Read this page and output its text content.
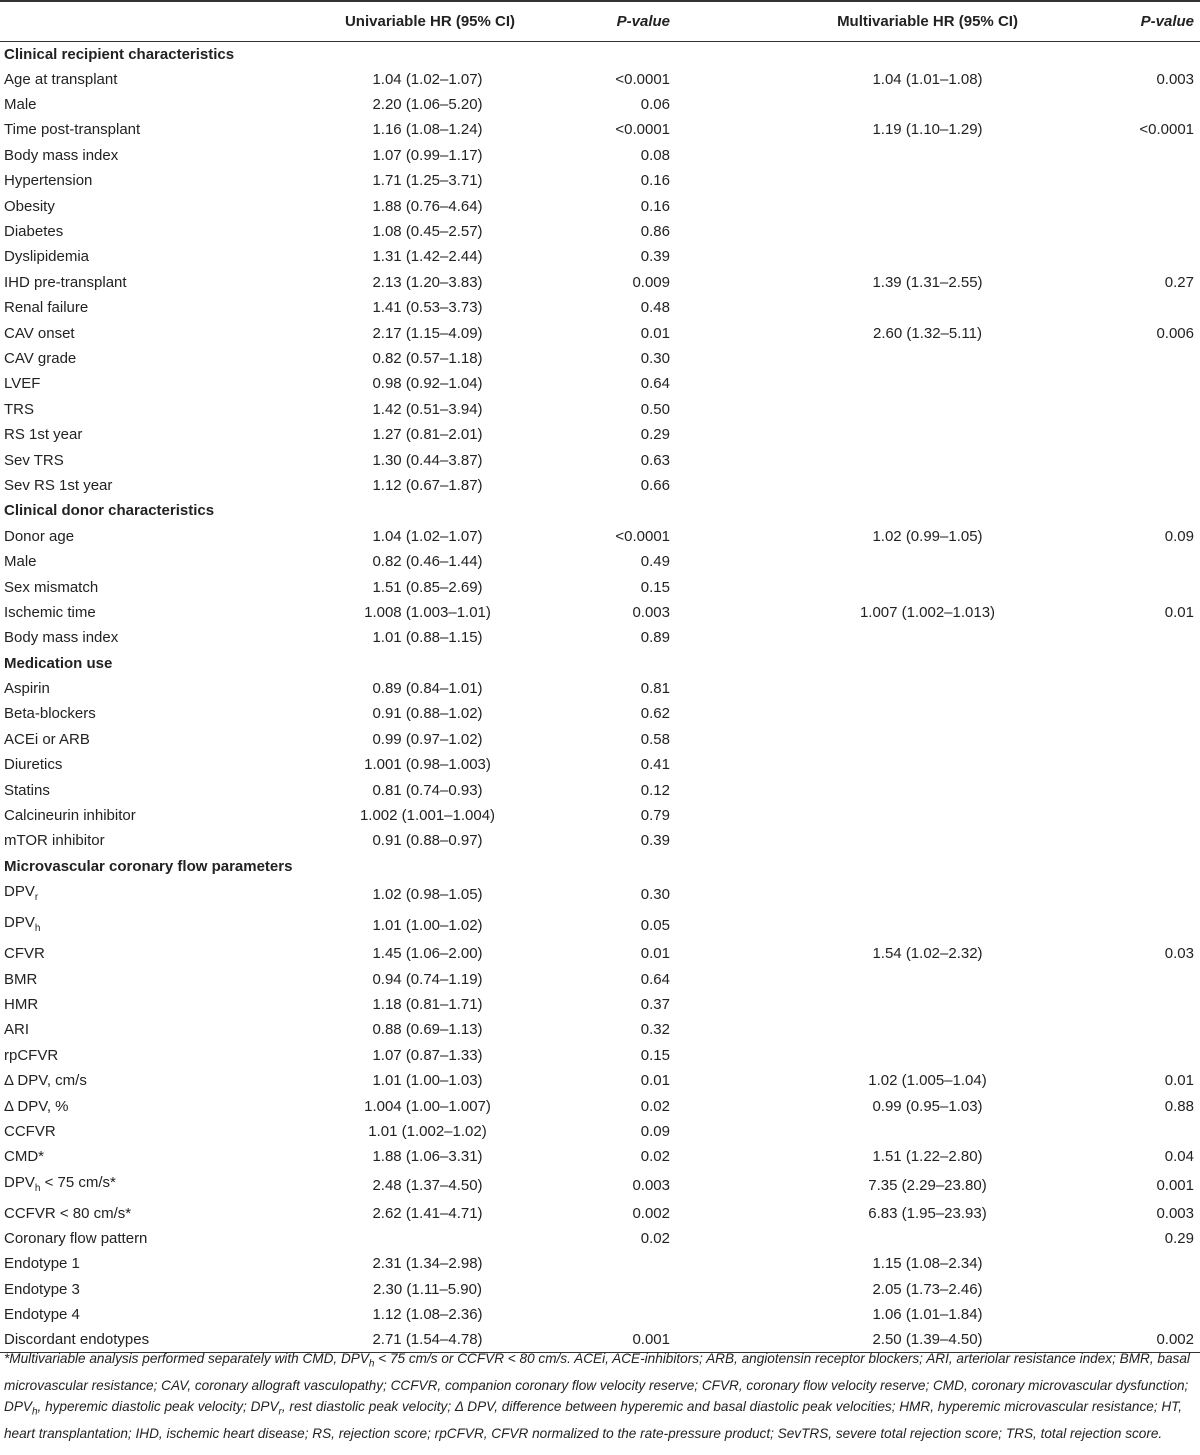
	Univariable HR (95% CI)	P-value	Multivariable HR (95% CI)	P-value
Clinical recipient characteristics				
Age at transplant	1.04 (1.02–1.07)	<0.0001	1.04 (1.01–1.08)	0.003
Male	2.20 (1.06–5.20)	0.06		
Time post-transplant	1.16 (1.08–1.24)	<0.0001	1.19 (1.10–1.29)	<0.0001
Body mass index	1.07 (0.99–1.17)	0.08		
Hypertension	1.71 (1.25–3.71)	0.16		
Obesity	1.88 (0.76–4.64)	0.16		
Diabetes	1.08 (0.45–2.57)	0.86		
Dyslipidemia	1.31 (1.42–2.44)	0.39		
IHD pre-transplant	2.13 (1.20–3.83)	0.009	1.39 (1.31–2.55)	0.27
Renal failure	1.41 (0.53–3.73)	0.48		
CAV onset	2.17 (1.15–4.09)	0.01	2.60 (1.32–5.11)	0.006
CAV grade	0.82 (0.57–1.18)	0.30		
LVEF	0.98 (0.92–1.04)	0.64		
TRS	1.42 (0.51–3.94)	0.50		
RS 1st year	1.27 (0.81–2.01)	0.29		
Sev TRS	1.30 (0.44–3.87)	0.63		
Sev RS 1st year	1.12 (0.67–1.87)	0.66		
Clinical donor characteristics				
Donor age	1.04 (1.02–1.07)	<0.0001	1.02 (0.99–1.05)	0.09
Male	0.82 (0.46–1.44)	0.49		
Sex mismatch	1.51 (0.85–2.69)	0.15		
Ischemic time	1.008 (1.003–1.01)	0.003	1.007 (1.002–1.013)	0.01
Body mass index	1.01 (0.88–1.15)	0.89		
Medication use				
Aspirin	0.89 (0.84–1.01)	0.81		
Beta-blockers	0.91 (0.88–1.02)	0.62		
ACEi or ARB	0.99 (0.97–1.02)	0.58		
Diuretics	1.001 (0.98–1.003)	0.41		
Statins	0.81 (0.74–0.93)	0.12		
Calcineurin inhibitor	1.002 (1.001–1.004)	0.79		
mTOR inhibitor	0.91 (0.88–0.97)	0.39		
Microvascular coronary flow parameters				
$DPV_r$	1.02 (0.98–1.05)	0.30		
$DPV_h$	1.01 (1.00–1.02)	0.05		
CFVR	1.45 (1.06–2.00)	0.01	1.54 (1.02–2.32)	0.03
BMR	0.94 (0.74–1.19)	0.64		
HMR	1.18 (0.81–1.71)	0.37		
ARI	0.88 (0.69–1.13)	0.32		
rpCFVR	1.07 (0.87–1.33)	0.15		
Δ DPV, cm/s	1.01 (1.00–1.03)	0.01	1.02 (1.005–1.04)	0.01
Δ DPV, %	1.004 (1.00–1.007)	0.02	0.99 (0.95–1.03)	0.88
CCFVR	1.01 (1.002–1.02)	0.09		
CMD*	1.88 (1.06–3.31)	0.02	1.51 (1.22–2.80)	0.04
$DPV_h < 75$ cm/s*	2.48 (1.37–4.50)	0.003	7.35 (2.29–23.80)	0.001
CCFVR < 80 cm/s*	2.62 (1.41–4.71)	0.002	6.83 (1.95–23.93)	0.003
Coronary flow pattern		0.02		0.29
Endotype 1	2.31 (1.34–2.98)		1.15 (1.08–2.34)	
Endotype 3	2.30 (1.11–5.90)		2.05 (1.73–2.46)	
Endotype 4	1.12 (1.08–2.36)		1.06 (1.01–1.84)	
Discordant endotypes	2.71 (1.54–4.78)	0.001	2.50 (1.39–4.50)	0.002
*Multivariable analysis performed separately with CMD, $DPV_h < 75$ cm/s or CCFVR < 80 cm/s. ACEi, ACE-inhibitors; ARB, angiotensin receptor blockers; ARI, arteriolar resistance index; BMR, basal microvascular resistance; CAV, coronary allograft vasculopathy; CCFVR, companion coronary flow velocity reserve; CFVR, coronary flow velocity reserve; CMD, coronary microvascular dysfunction; $DPV_h$, hyperemic diastolic peak velocity; $DPV_r$, rest diastolic peak velocity; Δ DPV, difference between hyperemic and basal diastolic peak velocities; HMR, hyperemic microvascular resistance; HT, heart transplantation; IHD, ischemic heart disease; RS, rejection score; rpCFVR, CFVR normalized to the rate-pressure product; SevTRS, severe total rejection score; TRS, total rejection score.
